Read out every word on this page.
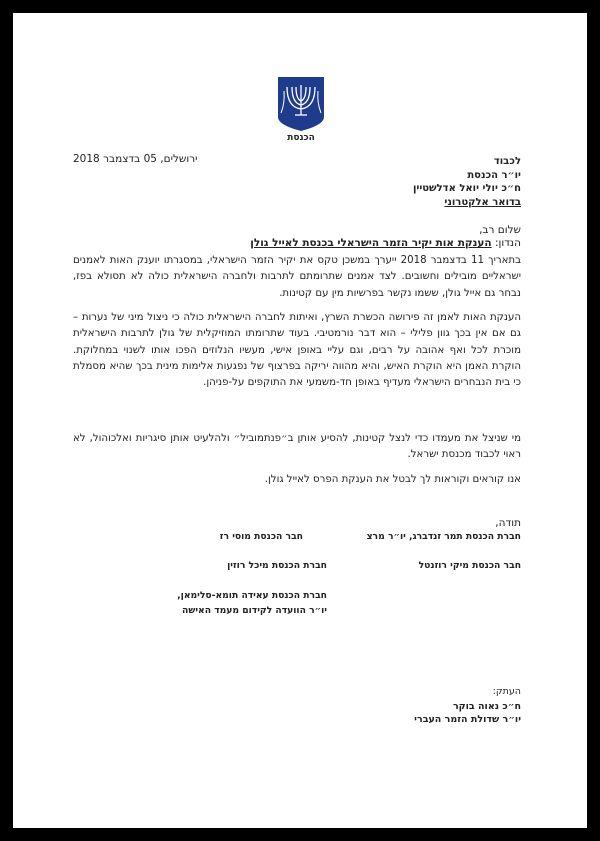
הכנסת
ירושלים, 05 בדצמבר 2018	לכבוד
יו״ר הכנסת
ח״כ יולי יואל אדלשטיין
בדואר אלקטרוני
שלום רב,
הנדון: הענקת אות יקיר הזמר הישראלי בכנסת לאייל גולן
בתאריך 11 בדצמבר 2018 ייערך במשכן טקס את יקיר הזמר הישראלי, במסגרתו יוענק האות לאמנים ישראליים מובילים וחשובים. לצד אמנים שתרומתם לתרבות ולחברה הישראלית כולה לא תסולא בפז, נבחר גם אייל גולן, ששמו נקשר בפרשיות מין עם קטינות.
הענקת האות לאמן זה פירושה הכשרת השרץ, ואיתות לחברה הישראלית כולה כי ניצול מיני של נערות – גם אם אין בכך גוון פלילי – הוא דבר נורמטיבי. בעוד שתרומתו המוזיקלית של גולן לתרבות הישראלית מוכרת לכל ואף אהובה על רבים, וגם עליי באופן אישי, מעשיו הנלוזים הפכו אותו לשנוי במחלוקת. הוקרת האמן היא הוקרת האיש, והיא מהווה יריקה בפרצוף של נפגעות אלימות מינית בכך שהיא מסמלת כי בית הנבחרים הישראלי מעדיף באופן חד-משמעי את התוקפים על-פניהן.
מי שניצל את מעמדו כדי לנצל קטינות, להסיע אותן ב״פנתמוביל״ ולהלעיט אותן סיגריות ואלכוהול, לא ראוי לכבוד מכנסת ישראל.
אנו קוראים וקוראות לך לבטל את הענקת הפרס לאייל גולן.
תודה,
חברת הכנסת תמר זנדברג, יו״ר מרצ
חבר הכנסת מוסי רז
חבר הכנסת מיקי רוזנטל
חברת הכנסת מיכל רוזין
חברת הכנסת עאידה תומא-סלימאן,
יו״ר הוועדה לקידום מעמד האישה
העתק:
ח״כ נאוה בוקר
יו״ר שדולת הזמר העברי
